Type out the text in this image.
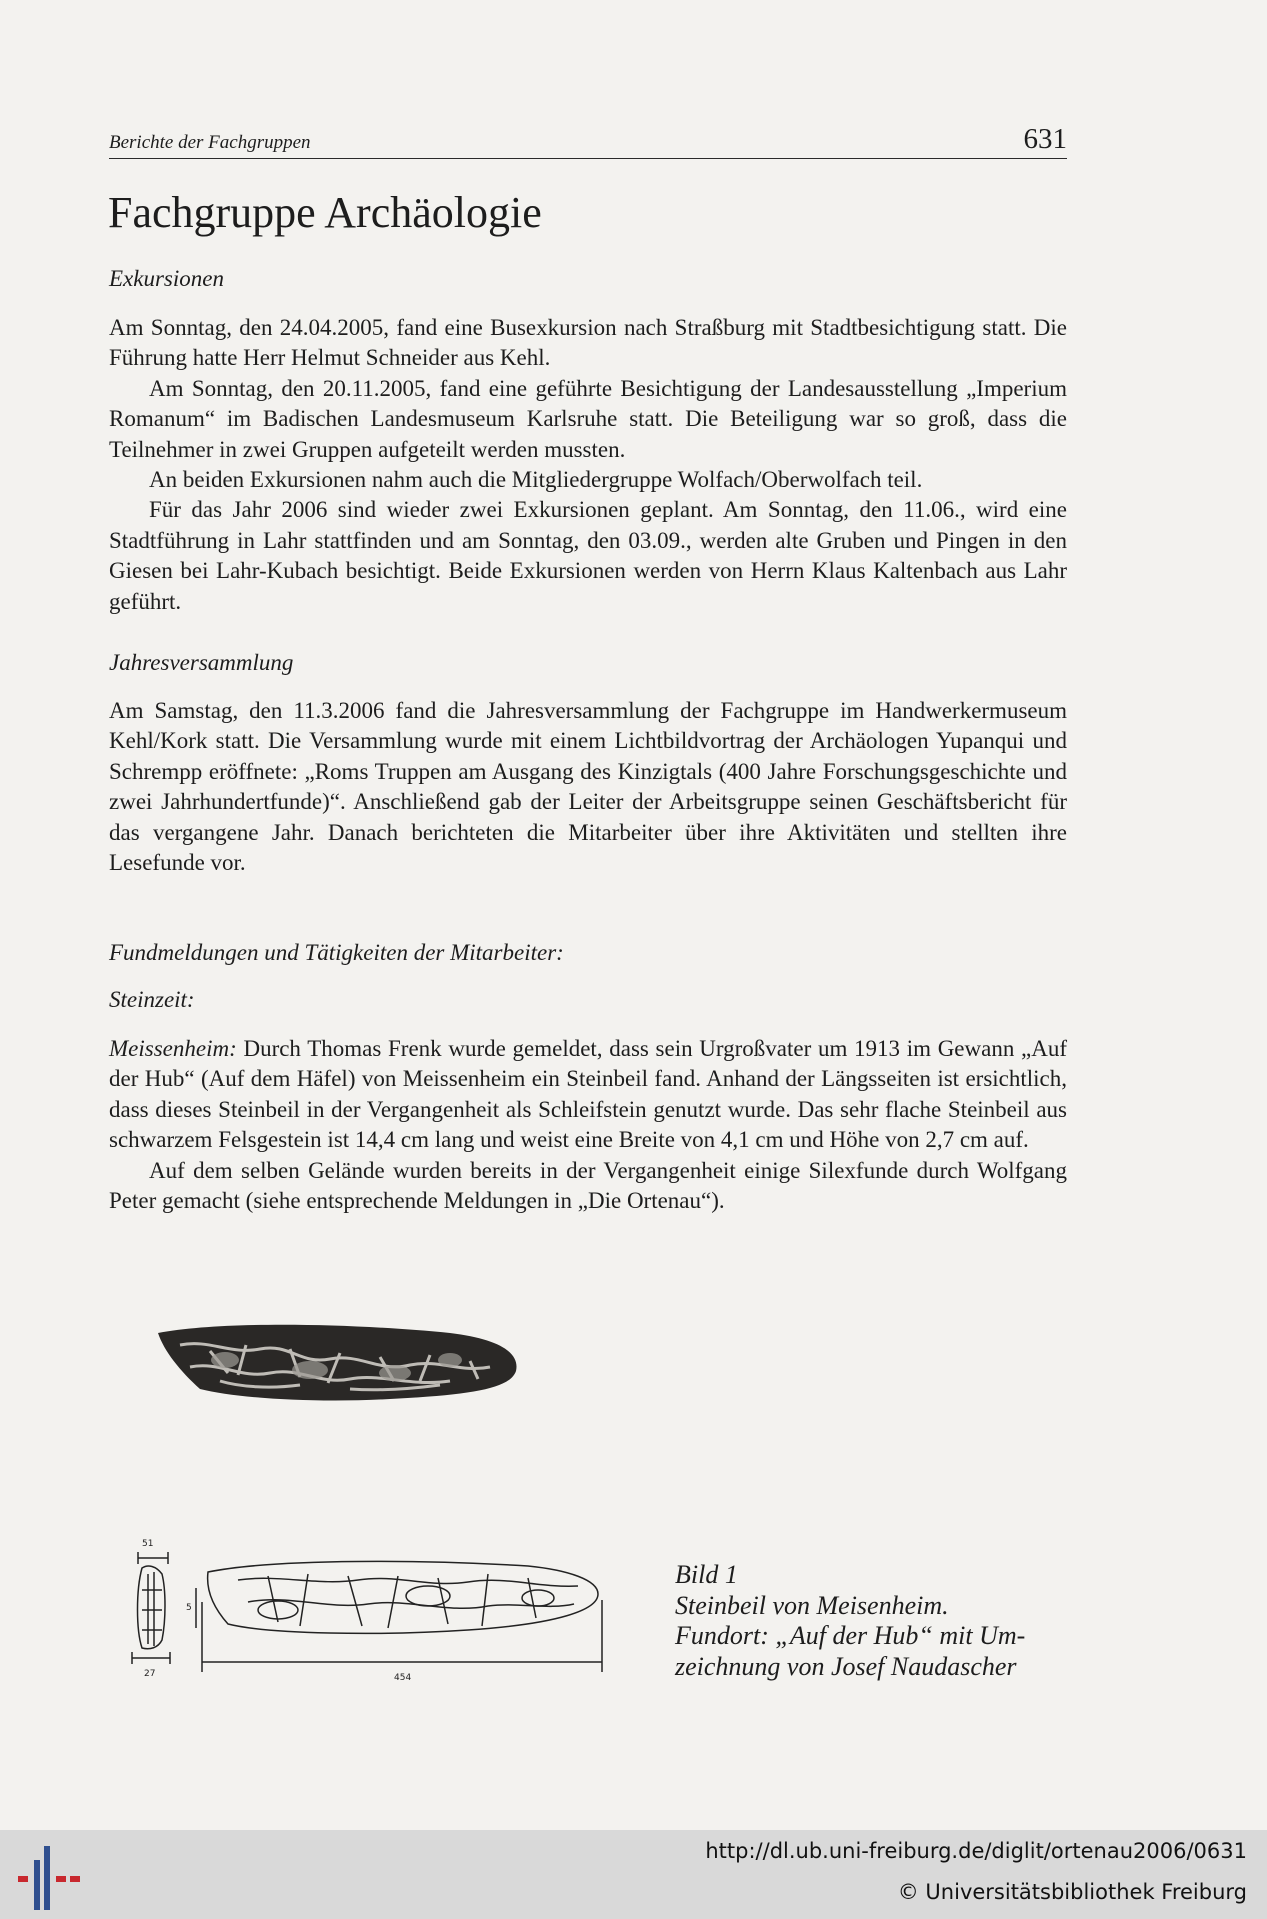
Berichte der Fachgruppen	631
Fachgruppe Archäologie
Exkursionen

Am Sonntag, den 24.04.2005, fand eine Busexkursion nach Straßburg mit Stadtbesichtigung statt. Die Führung hatte Herr Helmut Schneider aus Kehl.

Am Sonntag, den 20.11.2005, fand eine geführte Besichtigung der Landesausstellung „Imperium Romanum“ im Badischen Landesmuseum Karlsruhe statt. Die Beteiligung war so groß, dass die Teilnehmer in zwei Gruppen aufgeteilt werden mussten.

An beiden Exkursionen nahm auch die Mitgliedergruppe Wolfach/Oberwolfach teil.

Für das Jahr 2006 sind wieder zwei Exkursionen geplant. Am Sonntag, den 11.06., wird eine Stadtführung in Lahr stattfinden und am Sonntag, den 03.09., werden alte Gruben und Pingen in den Giesen bei Lahr-Kubach besichtigt. Beide Exkursionen werden von Herrn Klaus Kaltenbach aus Lahr geführt.

Jahresversammlung

Am Samstag, den 11.3.2006 fand die Jahresversammlung der Fachgruppe im Handwerkermuseum Kehl/Kork statt. Die Versammlung wurde mit einem Lichtbildvortrag der Archäologen Yupanqui und Schrempp eröffnete: „Roms Truppen am Ausgang des Kinzigtals (400 Jahre Forschungsgeschichte und zwei Jahrhundertfunde)“. Anschließend gab der Leiter der Arbeitsgruppe seinen Geschäftsbericht für das vergangene Jahr. Danach berichteten die Mitarbeiter über ihre Aktivitäten und stellten ihre Lesefunde vor.

Fundmeldungen und Tätigkeiten der Mitarbeiter:
Steinzeit:

Meissenheim: Durch Thomas Frenk wurde gemeldet, dass sein Urgroßvater um 1913 im Gewann „Auf der Hub“ (Auf dem Häfel) von Meissenheim ein Steinbeil fand. Anhand der Längsseiten ist ersichtlich, dass dieses Steinbeil in der Vergangenheit als Schleifstein genutzt wurde. Das sehr flache Steinbeil aus schwarzem Felsgestein ist 14,4 cm lang und weist eine Breite von 4,1 cm und Höhe von 2,7 cm auf.

Auf dem selben Gelände wurden bereits in der Vergangenheit einige Silexfunde durch Wolfgang Peter gemacht (siehe entsprechende Meldungen in „Die Ortenau“).

51
27
5
454
Bild 1
Steinbeil von Meisenheim.
Fundort: „Auf der Hub“ mit Um-
zeichnung von Josef Naudascher
http://dl.ub.uni-freiburg.de/diglit/ortenau2006/0631
© Universitätsbibliothek Freiburg
